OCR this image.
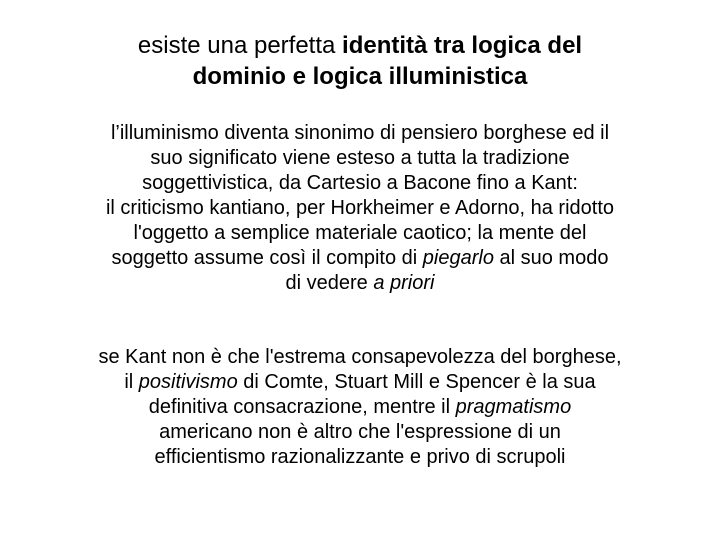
esiste una perfetta identità tra logica del
dominio e logica illuministica
l’illuminismo diventa sinonimo di pensiero borghese ed il
suo significato viene esteso a tutta la tradizione
soggettivistica, da Cartesio a Bacone fino a Kant:
il criticismo kantiano, per Horkheimer e Adorno, ha ridotto
l'oggetto a semplice materiale caotico; la mente del
soggetto assume così il compito di piegarlo al suo modo
di vedere a priori
se Kant non è che l'estrema consapevolezza del borghese,
il positivismo di Comte, Stuart Mill e Spencer è la sua
definitiva consacrazione, mentre il pragmatismo
americano non è altro che l'espressione di un
efficientismo razionalizzante e privo di scrupoli
